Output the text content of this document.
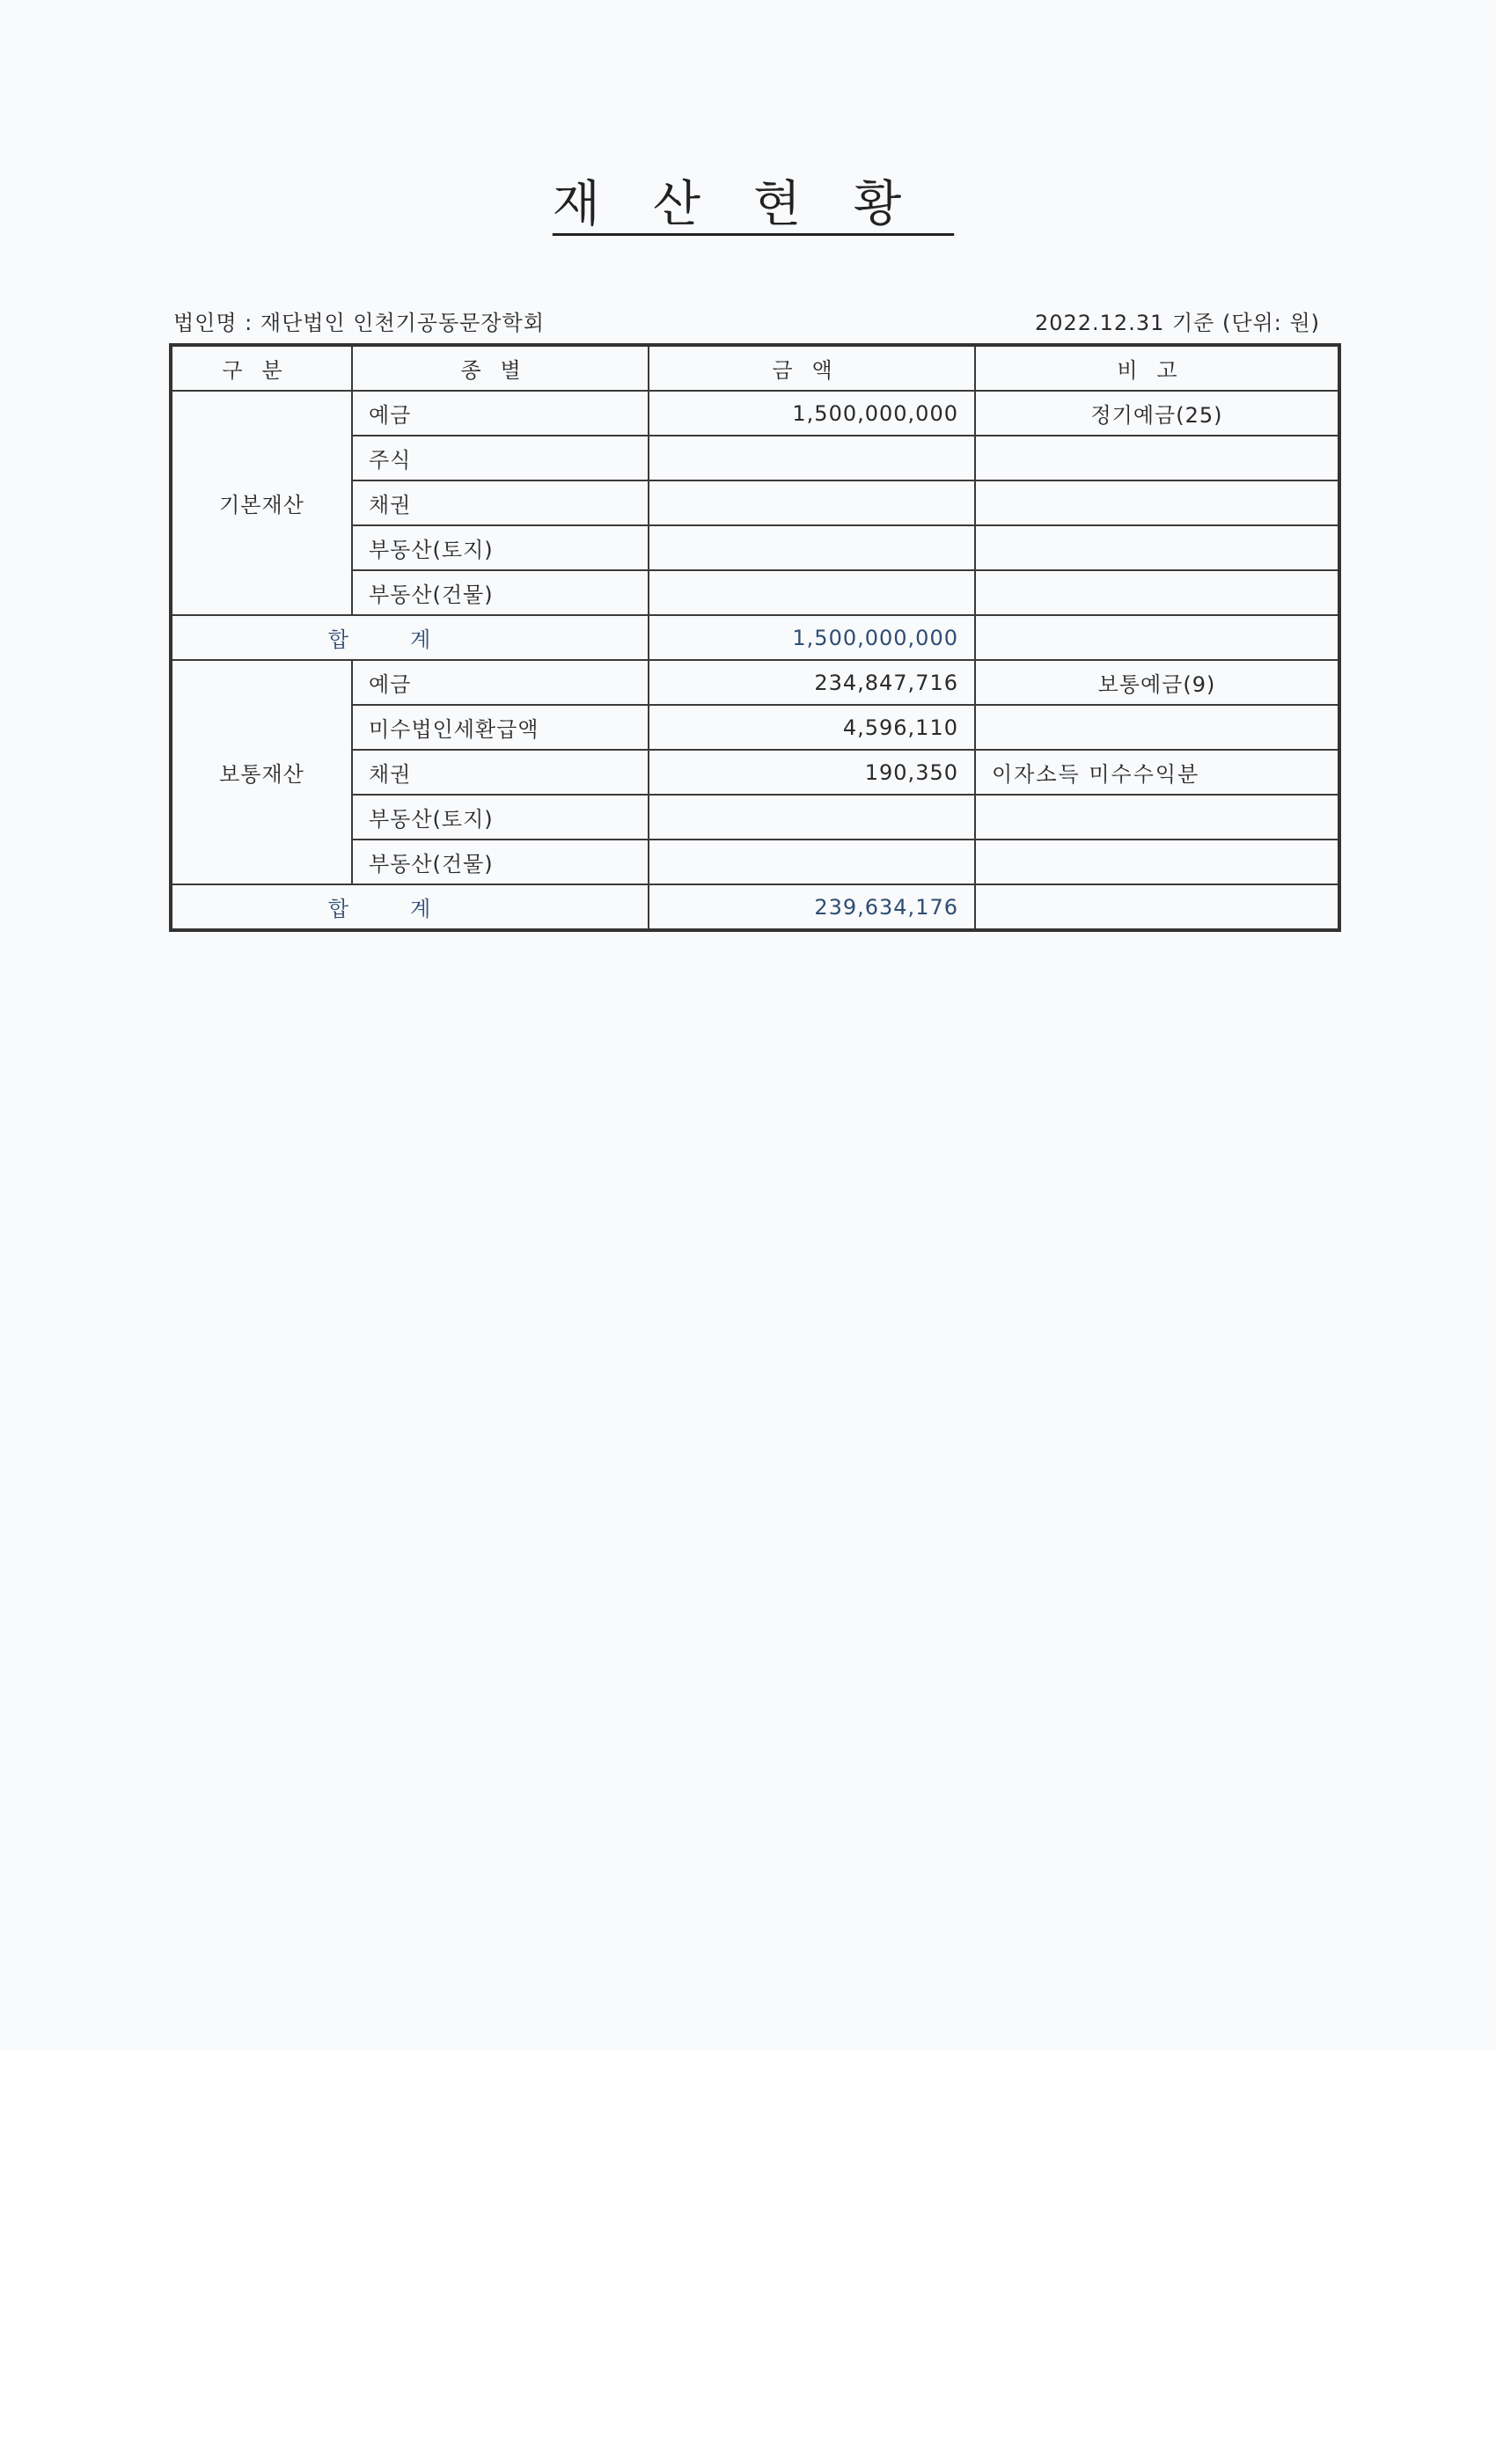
재산현황
법인명 : 재단법인 인천기공동문장학회	2022.12.31 기준 (단위: 원)
구분	종별	금액	비고
기본재산	예금	1,500,000,000	정기예금(25)
	주식		
	채권		
	부동산(토지)		
	부동산(건물)		
합계		1,500,000,000	
보통재산	예금	234,847,716	보통예금(9)
	미수법인세환급액	4,596,110	
	채권	190,350	이자소득 미수수익분
	부동산(토지)		
	부동산(건물)		
합계		239,634,176	
